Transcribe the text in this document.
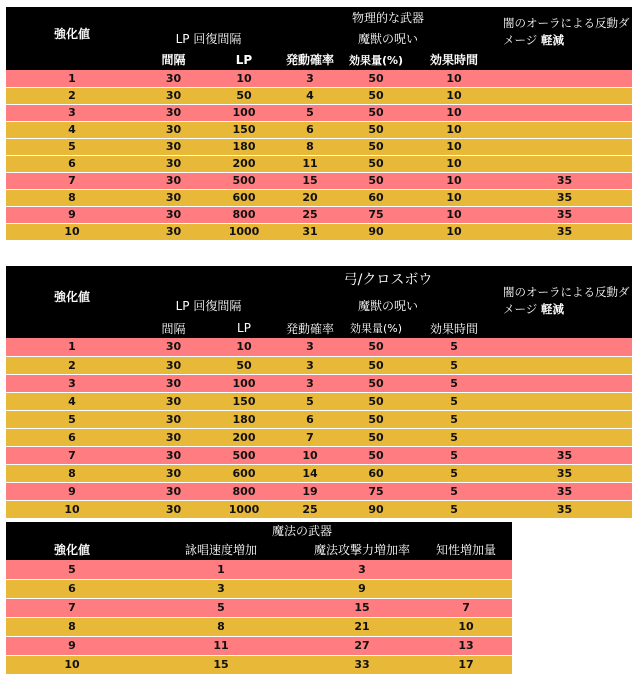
強化値			物理的な武器			闇のオーラによる反動ダメージ 軽減
	LP 回復間隔		魔獣の呪い			
	間隔	LP	発動確率	効果量(%)	効果時間	
1	30	10	3	50	10	
2	30	50	4	50	10	
3	30	100	5	50	10	
4	30	150	6	50	10	
5	30	180	8	50	10	
6	30	200	11	50	10	
7	30	500	15	50	10	35
8	30	600	20	60	10	35
9	30	800	25	75	10	35
10	30	1000	31	90	10	35
強化値			弓/クロスボウ			闇のオーラによる反動ダメージ 軽減
	LP 回復間隔		魔獣の呪い			
	間隔	LP	発動確率	効果量(%)	効果時間	
1	30	10	3	50	5	
2	30	50	3	50	5	
3	30	100	3	50	5	
4	30	150	5	50	5	
5	30	180	6	50	5	
6	30	200	7	50	5	
7	30	500	10	50	5	35
8	30	600	14	60	5	35
9	30	800	19	75	5	35
10	30	1000	25	90	5	35
	魔法の武器		
強化値	詠唱速度増加	魔法攻撃力増加率	知性増加量
5	1	3	
6	3	9	
7	5	15	7
8	8	21	10
9	11	27	13
10	15	33	17
